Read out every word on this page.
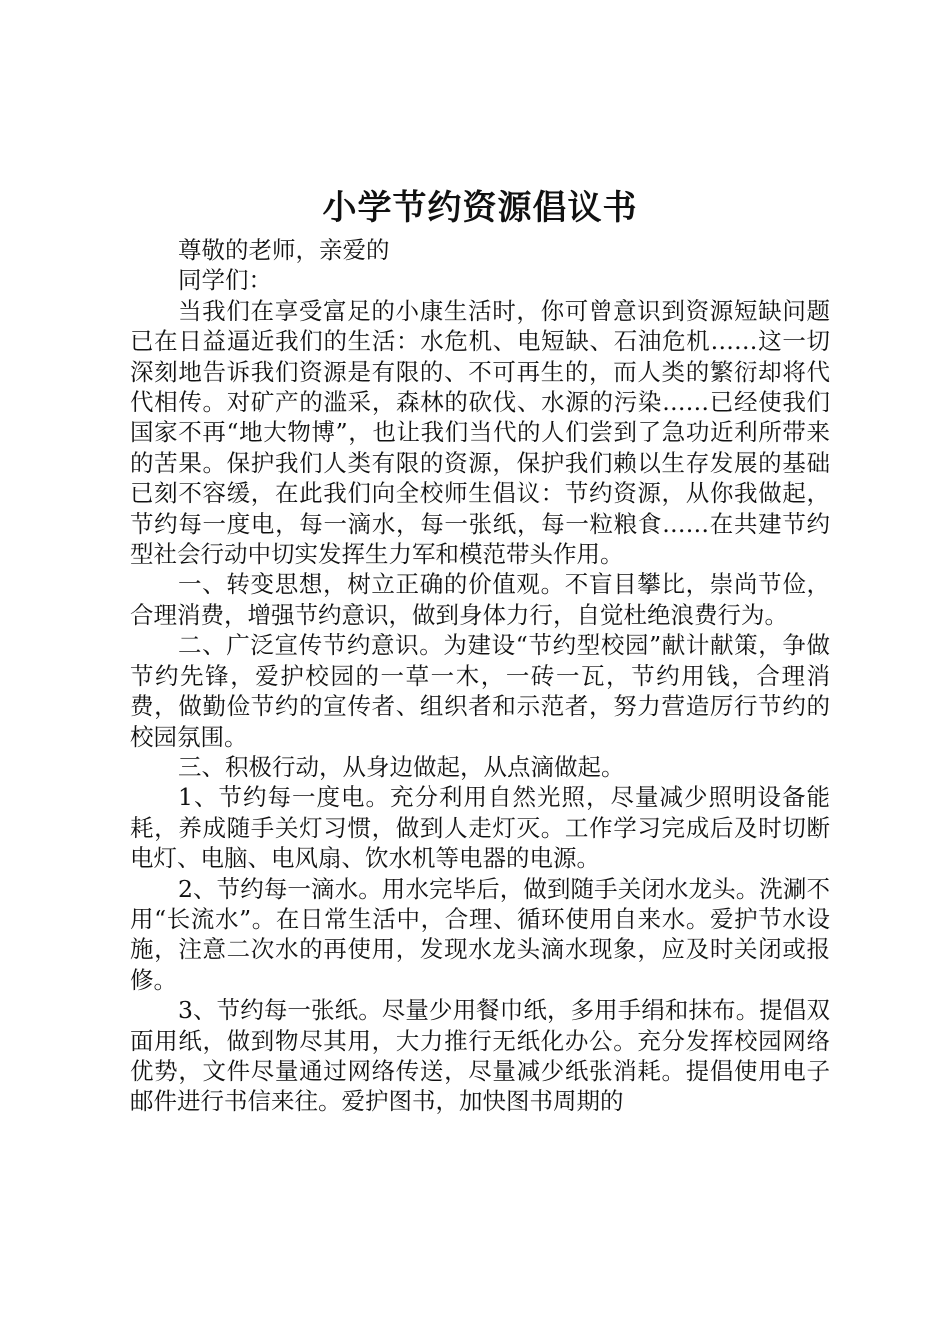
小学节约资源倡议书

尊敬的老师，亲爱的

同学们：

当我们在享受富足的小康生活时，你可曾意识到资源短缺问题已在日益逼近我们的生活：水危机、电短缺、石油危机……这一切深刻地告诉我们资源是有限的、不可再生的，而人类的繁衍却将代代相传。对矿产的滥采，森林的砍伐、水源的污染……已经使我们国家不再“地大物博”，也让我们当代的人们尝到了急功近利所带来的苦果。保护我们人类有限的资源，保护我们赖以生存发展的基础已刻不容缓，在此我们向全校师生倡议：节约资源，从你我做起，节约每一度电，每一滴水，每一张纸，每一粒粮食……在共建节约型社会行动中切实发挥生力军和模范带头作用。

一、转变思想，树立正确的价值观。不盲目攀比，崇尚节俭，合理消费，增强节约意识，做到身体力行，自觉杜绝浪费行为。

二、广泛宣传节约意识。为建设“节约型校园”献计献策，争做节约先锋，爱护校园的一草一木，一砖一瓦，节约用钱，合理消费，做勤俭节约的宣传者、组织者和示范者，努力营造厉行节约的校园氛围。

三、积极行动，从身边做起，从点滴做起。

1、节约每一度电。充分利用自然光照，尽量减少照明设备能耗，养成随手关灯习惯，做到人走灯灭。工作学习完成后及时切断电灯、电脑、电风扇、饮水机等电器的电源。

2、节约每一滴水。用水完毕后，做到随手关闭水龙头。洗涮不用“长流水”。在日常生活中，合理、循环使用自来水。爱护节水设施，注意二次水的再使用，发现水龙头滴水现象，应及时关闭或报修。

3、节约每一张纸。尽量少用餐巾纸，多用手绢和抹布。提倡双面用纸，做到物尽其用，大力推行无纸化办公。充分发挥校园网络优势，文件尽量通过网络传送，尽量减少纸张消耗。提倡使用电子邮件进行书信来往。爱护图书，加快图书周期的
